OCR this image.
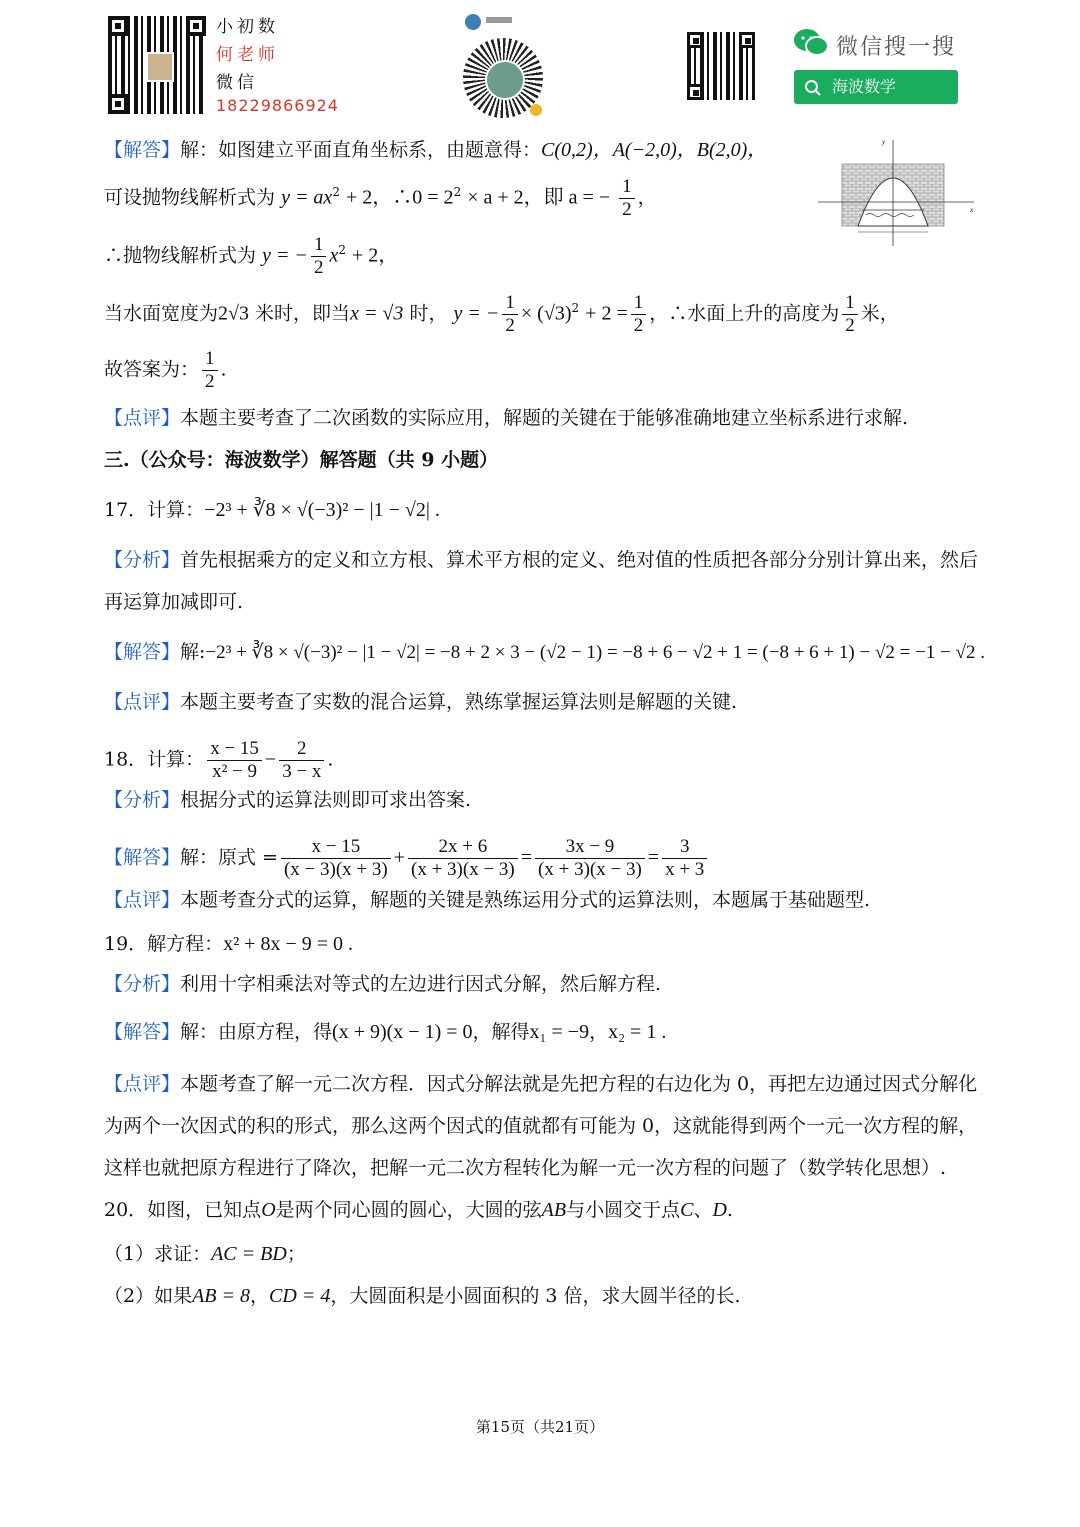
小初数
何老师
微信
18229866924
微信搜一搜
海波数学
x
y
【解答】解：如图建立平面直角坐标系，由题意得：C(0,2)，A(−2,0)，B(2,0)，
可设抛物线解析式为 $y = ax^2 + 2$，∴0 = $2^2 \times a + 2$，即 a = − $\frac{1}{2}$ ，
∴抛物线解析式为 y = − $\frac{1}{2} x^2 + 2$，
当水面宽度为2√3 米时，即当x = √3 时， y = − $\frac{1}{2} \times (√3)^2 + 2 = \frac{1}{2}$ ，∴水面上升的高度为 $\frac{1}{2}$ 米，
故答案为： $\frac{1}{2}$ .
【点评】本题主要考查了二次函数的实际应用，解题的关键在于能够准确地建立坐标系进行求解.
三.（公众号：海波数学）解答题（共 9 小题）
17．计算：−2³ + ∛8 × √(−3)² − |1 − √2| .
【分析】首先根据乘方的定义和立方根、算术平方根的定义、绝对值的性质把各部分分别计算出来，然后
再运算加减即可.
【解答】解:−2³ + ∛8 × √(−3)² − |1 − √2| = −8 + 2 × 3 − (√2 − 1) = −8 + 6 − √2 + 1 = (−8 + 6 + 1) − √2 = −1 − √2 .
【点评】本题主要考查了实数的混合运算，熟练掌握运算法则是解题的关键.
18．计算： $\frac{x - 15}{\text{x² − 9}} - \frac{2}{3 - x}$ .
【分析】根据分式的运算法则即可求出答案.
【解答】解：原式 = $\frac{x - 15}{(x - 3)(x + 3)} + \frac{2x + 6}{(x + 3)(x - 3)} = \frac{3x - 9}{(x + 3)(x - 3)} = \frac{3}{x + 3}$
【点评】本题考查分式的运算，解题的关键是熟练运用分式的运算法则，本题属于基础题型.
19．解方程：x² + 8x − 9 = 0 .
【分析】利用十字相乘法对等式的左边进行因式分解，然后解方程.
【解答】解：由原方程，得(x + 9)(x − 1) = 0，解得x₁ = −9，x₂ = 1 .
【点评】本题考查了解一元二次方程．因式分解法就是先把方程的右边化为 0，再把左边通过因式分解化
为两个一次因式的积的形式，那么这两个因式的值就都有可能为 0，这就能得到两个一元一次方程的解，
这样也就把原方程进行了降次，把解一元二次方程转化为解一元一次方程的问题了（数学转化思想）.
20．如图，已知点O是两个同心圆的圆心，大圆的弦AB与小圆交于点C、D.
（1）求证：AC = BD；
（2）如果AB = 8，CD = 4，大圆面积是小圆面积的 3 倍，求大圆半径的长.
第15页（共21页）
